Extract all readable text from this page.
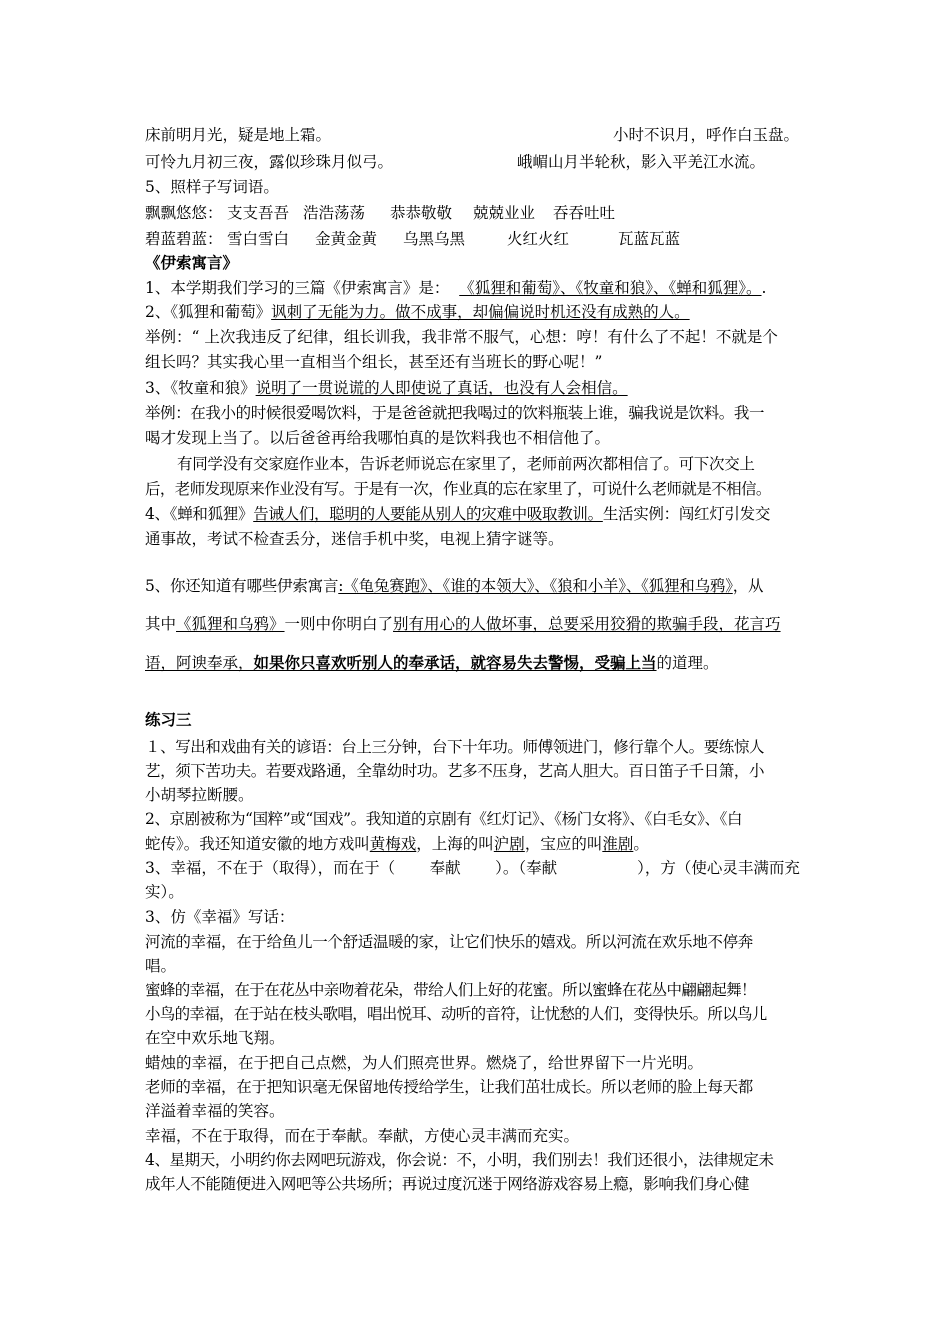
床前明月光，疑是地上霜。	小时不识月，呼作白玉盘。
可怜九月初三夜，露似珍珠月似弓。	峨嵋山月半轮秋，影入平羌江水流。
5、照样子写词语。
飘飘悠悠： 支支吾吾 浩浩荡荡 恭恭敬敬 兢兢业业 吞吞吐吐
碧蓝碧蓝： 雪白雪白 金黄金黄 乌黑乌黑	火红火红	瓦蓝瓦蓝
《伊索寓言》
1、本学期我们学习的三篇《伊索寓言》是： 《狐狸和葡萄》、《牧童和狼》、《蝉和狐狸》。.
2、《狐狸和葡萄》讽刺了无能为力。做不成事，却偏偏说时机还没有成熟的人。
举例：“ 上次我违反了纪律，组长训我，我非常不服气，心想：哼！有什么了不起！不就是个
组长吗？其实我心里一直相当个组长，甚至还有当班长的野心呢！”
3、《牧童和狼》说明了一贯说谎的人即使说了真话，也没有人会相信。
举例：在我小的时候很爱喝饮料，于是爸爸就把我喝过的饮料瓶装上谁，骗我说是饮料。我一
喝才发现上当了。以后爸爸再给我哪怕真的是饮料我也不相信他了。
有同学没有交家庭作业本，告诉老师说忘在家里了，老师前两次都相信了。可下次交上
后，老师发现原来作业没有写。于是有一次，作业真的忘在家里了，可说什么老师就是不相信。
4、《蝉和狐狸》告诫人们，聪明的人要能从别人的灾难中吸取教训。生活实例：闯红灯引发交
通事故，考试不检查丢分，迷信手机中奖，电视上猜字谜等。
5、你还知道有哪些伊索寓言:《龟兔赛跑》、《谁的本领大》、《狼和小羊》、《狐狸和乌鸦》，从
其中《狐狸和乌鸦》一则中你明白了别有用心的人做坏事，总要采用狡猾的欺骗手段，花言巧
语，阿谀奉承，如果你只喜欢听别人的奉承话，就容易失去警惕，受骗上当的道理。
练习三
１、写出和戏曲有关的谚语：台上三分钟，台下十年功。师傅领进门，修行靠个人。要练惊人
艺，须下苦功夫。若要戏路通，全靠幼时功。艺多不压身，艺高人胆大。百日笛子千日箫，小
小胡琴拉断腰。
2、京剧被称为“国粹”或“国戏”。我知道的京剧有《红灯记》、《杨门女将》、《白毛女》、《白
蛇传》。我还知道安徽的地方戏叫黄梅戏，上海的叫沪剧，宝应的叫淮剧。
3、幸福，不在于（取得），而在于（ 奉献 ）。（奉献	），方（使心灵丰满而充
实）。
3、仿《幸福》写话：
河流的幸福，在于给鱼儿一个舒适温暖的家，让它们快乐的嬉戏。所以河流在欢乐地不停奔
唱。
蜜蜂的幸福，在于在花丛中亲吻着花朵，带给人们上好的花蜜。所以蜜蜂在花丛中翩翩起舞！
小鸟的幸福，在于站在枝头歌唱，唱出悦耳、动听的音符，让忧愁的人们，变得快乐。所以鸟儿
在空中欢乐地飞翔。
蜡烛的幸福，在于把自己点燃，为人们照亮世界。燃烧了，给世界留下一片光明。
老师的幸福，在于把知识毫无保留地传授给学生，让我们茁壮成长。所以老师的脸上每天都
洋溢着幸福的笑容。
幸福，不在于取得，而在于奉献。奉献，方使心灵丰满而充实。
4、星期天，小明约你去网吧玩游戏，你会说：不，小明，我们别去！我们还很小，法律规定未
成年人不能随便进入网吧等公共场所；再说过度沉迷于网络游戏容易上瘾，影响我们身心健
